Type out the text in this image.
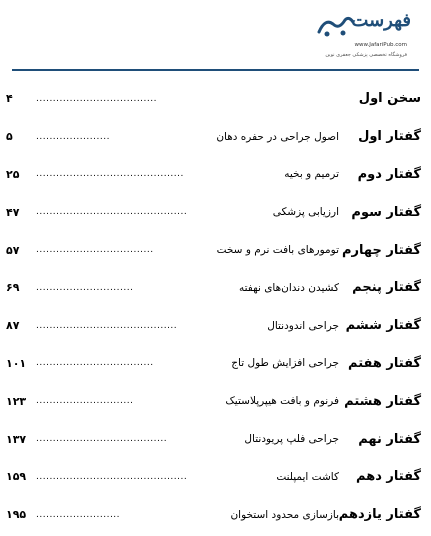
فهرست
www.JafariPub.com
فروشگاه تخصصی پزشکی جعفری نوین
سخن اول
....................................
۴
گفتار اول
اصول جراحی در حفره دهان
......................
۵
گفتار دوم
ترمیم و بخیه
............................................
۲۵
گفتار سوم
ارزیابی پزشکی
.............................................
۴۷
گفتار چهارم
تومورهای بافت نرم و سخت
...................................
۵۷
گفتار پنجم
کشیدن دندان‌های نهفته
.............................
۶۹
گفتار ششم
جراحی اندودنتال
..........................................
۸۷
گفتار هفتم
جراحی افزایش طول تاج
...................................
۱۰۱
گفتار هشتم
فرنوم و بافت هیپرپلاستیک
.............................
۱۲۳
گفتار نهم
جراحی فلپ پریودنتال
.......................................
۱۳۷
گفتار دهم
کاشت ایمپلنت
.............................................
۱۵۹
گفتار یازدهم
بازسازی محدود استخوان
.........................
۱۹۵
